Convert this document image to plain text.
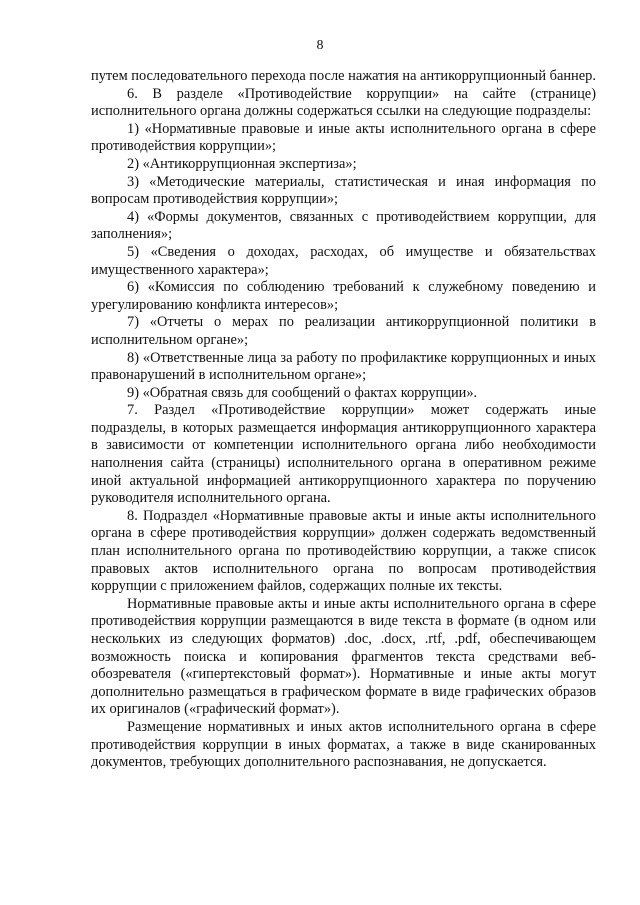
8

путем последовательного перехода после нажатия на антикоррупционный баннер.

6. В разделе «Противодействие коррупции» на сайте (странице) исполнительного органа должны содержаться ссылки на следующие подразделы:

1) «Нормативные правовые и иные акты исполнительного органа в сфере противодействия коррупции»;

2) «Антикоррупционная экспертиза»;

3) «Методические материалы, статистическая и иная информация по вопросам противодействия коррупции»;

4) «Формы документов, связанных с противодействием коррупции, для заполнения»;

5) «Сведения о доходах, расходах, об имуществе и обязательствах имущественного характера»;

6) «Комиссия по соблюдению требований к служебному поведению и урегулированию конфликта интересов»;

7) «Отчеты о мерах по реализации антикоррупционной политики в исполнительном органе»;

8) «Ответственные лица за работу по профилактике коррупционных и иных правонарушений в исполнительном органе»;

9) «Обратная связь для сообщений о фактах коррупции».

7. Раздел «Противодействие коррупции» может содержать иные подразделы, в которых размещается информация антикоррупционного характера в зависимости от компетенции исполнительного органа либо необходимости наполнения сайта (страницы) исполнительного органа в оперативном режиме иной актуальной информацией антикоррупционного характера по поручению руководителя исполнительного органа.

8. Подраздел «Нормативные правовые акты и иные акты исполнительного органа в сфере противодействия коррупции» должен содержать ведомственный план исполнительного органа по противодействию коррупции, а также список правовых актов исполнительного органа по вопросам противодействия коррупции с приложением файлов, содержащих полные их тексты.

Нормативные правовые акты и иные акты исполнительного органа в сфере противодействия коррупции размещаются в виде текста в формате (в одном или нескольких из следующих форматов) .doc, .docx, .rtf, .pdf, обеспечивающем возможность поиска и копирования фрагментов текста средствами веб-обозревателя («гипертекстовый формат»). Нормативные и иные акты могут дополнительно размещаться в графическом формате в виде графических образов их оригиналов («графический формат»).

Размещение нормативных и иных актов исполнительного органа в сфере противодействия коррупции в иных форматах, а также в виде сканированных документов, требующих дополнительного распознавания, не допускается.
